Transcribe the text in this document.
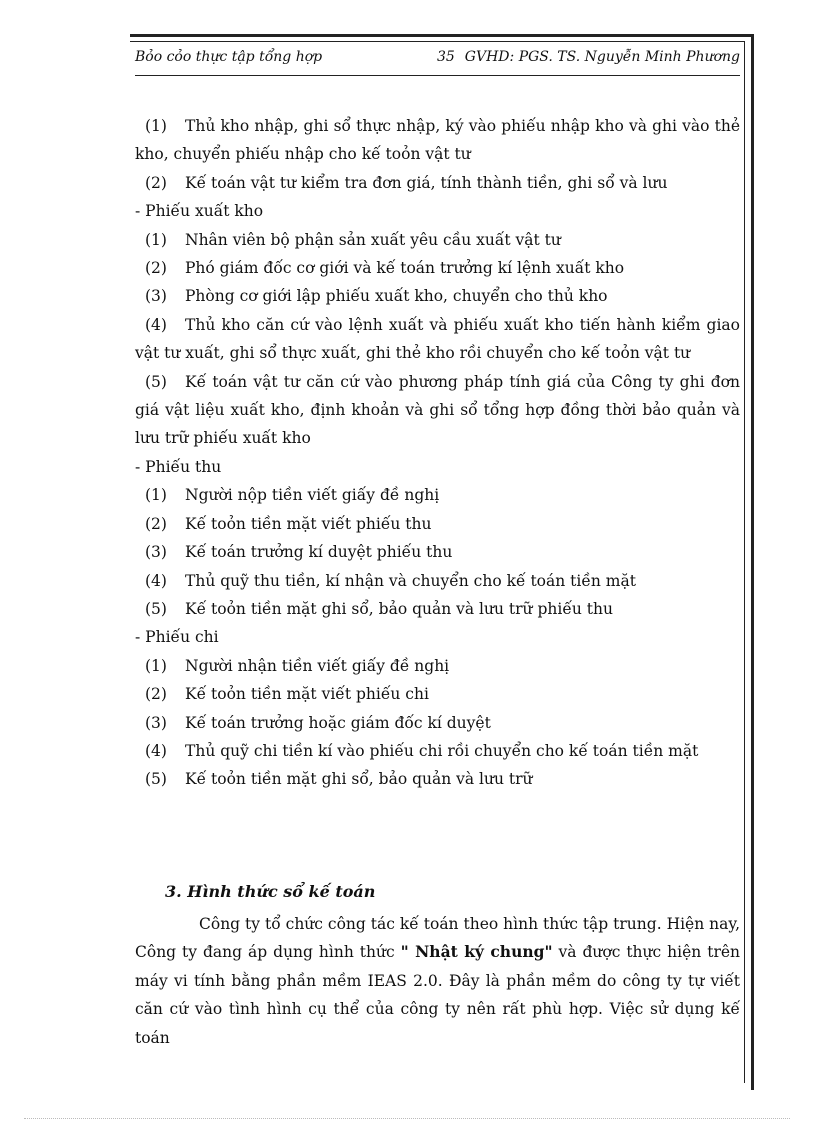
Bỏo cỏo thực tập tổng hợp	35 GVHD: PGS. TS. Nguyễn Minh Phương
(1) Thủ kho nhập, ghi sổ thực nhập, ký vào phiếu nhập kho và ghi vào thẻ
kho, chuyển phiếu nhập cho kế toỏn vật tư
(2) Kế toán vật tư kiểm tra đơn giá, tính thành tiền, ghi sổ và lưu
- Phiếu xuất kho
(1) Nhân viên bộ phận sản xuất yêu cầu xuất vật tư
(2) Phó giám đốc cơ giới và kế toán trưởng kí lệnh xuất kho
(3) Phòng cơ giới lập phiếu xuất kho, chuyển cho thủ kho
(4) Thủ kho căn cứ vào lệnh xuất và phiếu xuất kho tiến hành kiểm giao
vật tư xuất, ghi sổ thực xuất, ghi thẻ kho rồi chuyển cho kế toỏn vật tư
(5) Kế toán vật tư căn cứ vào phương pháp tính giá của Công ty ghi đơn
giá vật liệu xuất kho, định khoản và ghi sổ tổng hợp đồng thời bảo quản và
lưu trữ phiếu xuất kho
- Phiếu thu
(1) Người nộp tiền viết giấy đề nghị
(2) Kế toỏn tiền mặt viết phiếu thu
(3) Kế toán trưởng kí duyệt phiếu thu
(4) Thủ quỹ thu tiền, kí nhận và chuyển cho kế toán tiền mặt
(5) Kế toỏn tiền mặt ghi sổ, bảo quản và lưu trữ phiếu thu
- Phiếu chi
(1) Người nhận tiền viết giấy đề nghị
(2) Kế toỏn tiền mặt viết phiếu chi
(3) Kế toán trưởng hoặc giám đốc kí duyệt
(4) Thủ quỹ chi tiền kí vào phiếu chi rồi chuyển cho kế toán tiền mặt
(5) Kế toỏn tiền mặt ghi sổ, bảo quản và lưu trữ
3. Hình thức sổ kế toán
Công ty tổ chức công tác kế toán theo hình thức tập trung. Hiện nay,
Công ty đang áp dụng hình thức " Nhật ký chung" và được thực hiện trên
máy vi tính bằng phần mềm IEAS 2.0. Đây là phần mềm do công ty tự viết
căn cứ vào tình hình cụ thể của công ty nên rất phù hợp. Việc sử dụng kế toán
